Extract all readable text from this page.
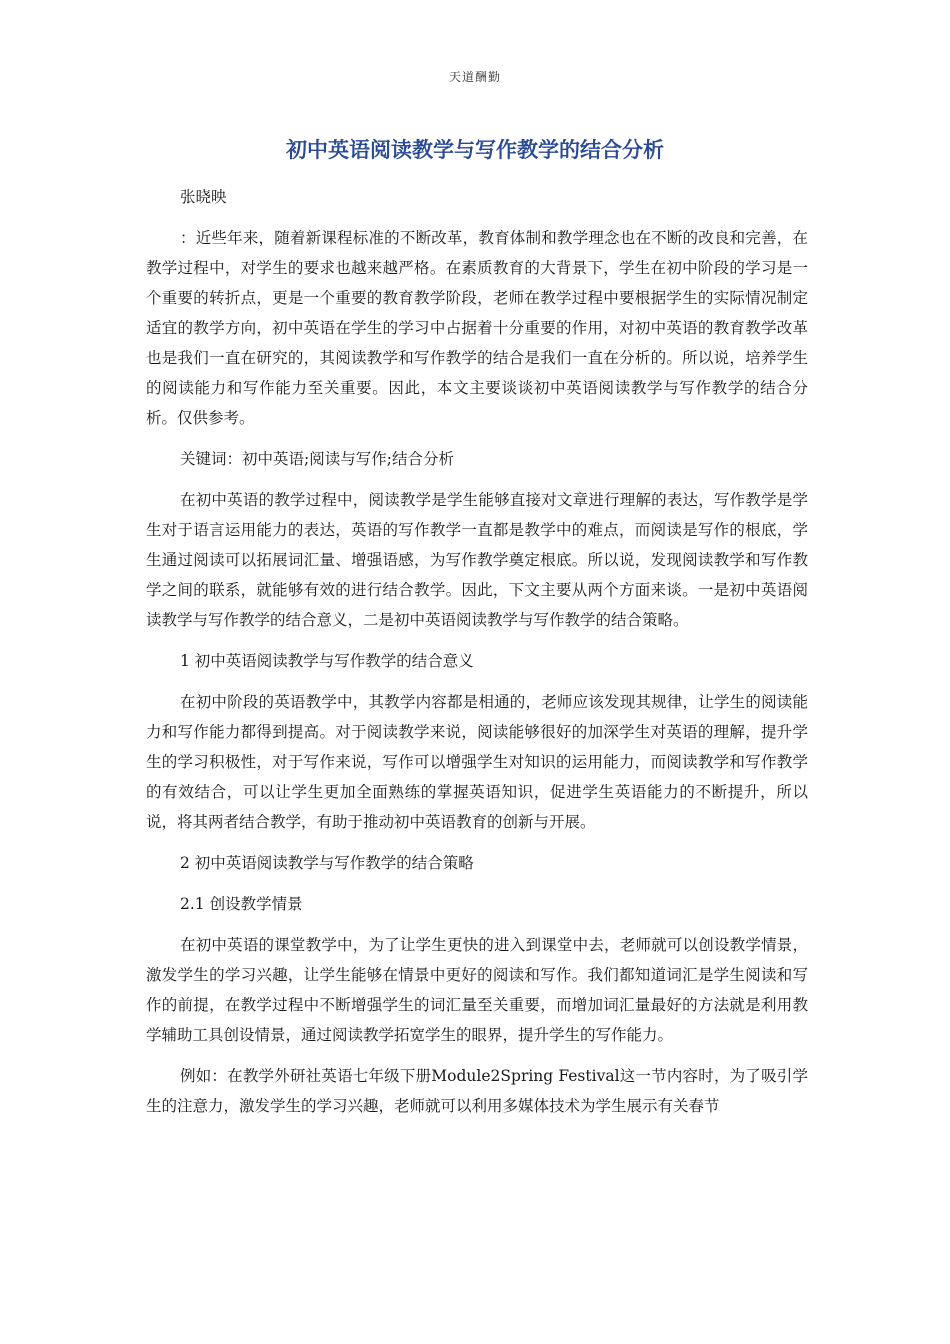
天道酬勤
初中英语阅读教学与写作教学的结合分析

张晓映

：近些年来，随着新课程标准的不断改革，教育体制和教学理念也在不断的改良和完善，在教学过程中，对学生的要求也越来越严格。在素质教育的大背景下，学生在初中阶段的学习是一个重要的转折点，更是一个重要的教育教学阶段，老师在教学过程中要根据学生的实际情况制定适宜的教学方向，初中英语在学生的学习中占据着十分重要的作用，对初中英语的教育教学改革也是我们一直在研究的，其阅读教学和写作教学的结合是我们一直在分析的。所以说，培养学生的阅读能力和写作能力至关重要。因此，本文主要谈谈初中英语阅读教学与写作教学的结合分析。仅供参考。

关键词：初中英语;阅读与写作;结合分析

在初中英语的教学过程中，阅读教学是学生能够直接对文章进行理解的表达，写作教学是学生对于语言运用能力的表达，英语的写作教学一直都是教学中的难点，而阅读是写作的根底，学生通过阅读可以拓展词汇量、增强语感，为写作教学奠定根底。所以说，发现阅读教学和写作教学之间的联系，就能够有效的进行结合教学。因此，下文主要从两个方面来谈。一是初中英语阅读教学与写作教学的结合意义，二是初中英语阅读教学与写作教学的结合策略。

1 初中英语阅读教学与写作教学的结合意义

在初中阶段的英语教学中，其教学内容都是相通的，老师应该发现其规律，让学生的阅读能力和写作能力都得到提高。对于阅读教学来说，阅读能够很好的加深学生对英语的理解，提升学生的学习积极性，对于写作来说，写作可以增强学生对知识的运用能力，而阅读教学和写作教学的有效结合，可以让学生更加全面熟练的掌握英语知识，促进学生英语能力的不断提升，所以说，将其两者结合教学，有助于推动初中英语教育的创新与开展。

2 初中英语阅读教学与写作教学的结合策略

2.1 创设教学情景

在初中英语的课堂教学中，为了让学生更快的进入到课堂中去，老师就可以创设教学情景，激发学生的学习兴趣，让学生能够在情景中更好的阅读和写作。我们都知道词汇是学生阅读和写作的前提，在教学过程中不断增强学生的词汇量至关重要，而增加词汇量最好的方法就是利用教学辅助工具创设情景，通过阅读教学拓宽学生的眼界，提升学生的写作能力。

例如：在教学外研社英语七年级下册Module2Spring Festival这一节内容时，为了吸引学生的注意力，激发学生的学习兴趣，老师就可以利用多媒体技术为学生展示有关春节
